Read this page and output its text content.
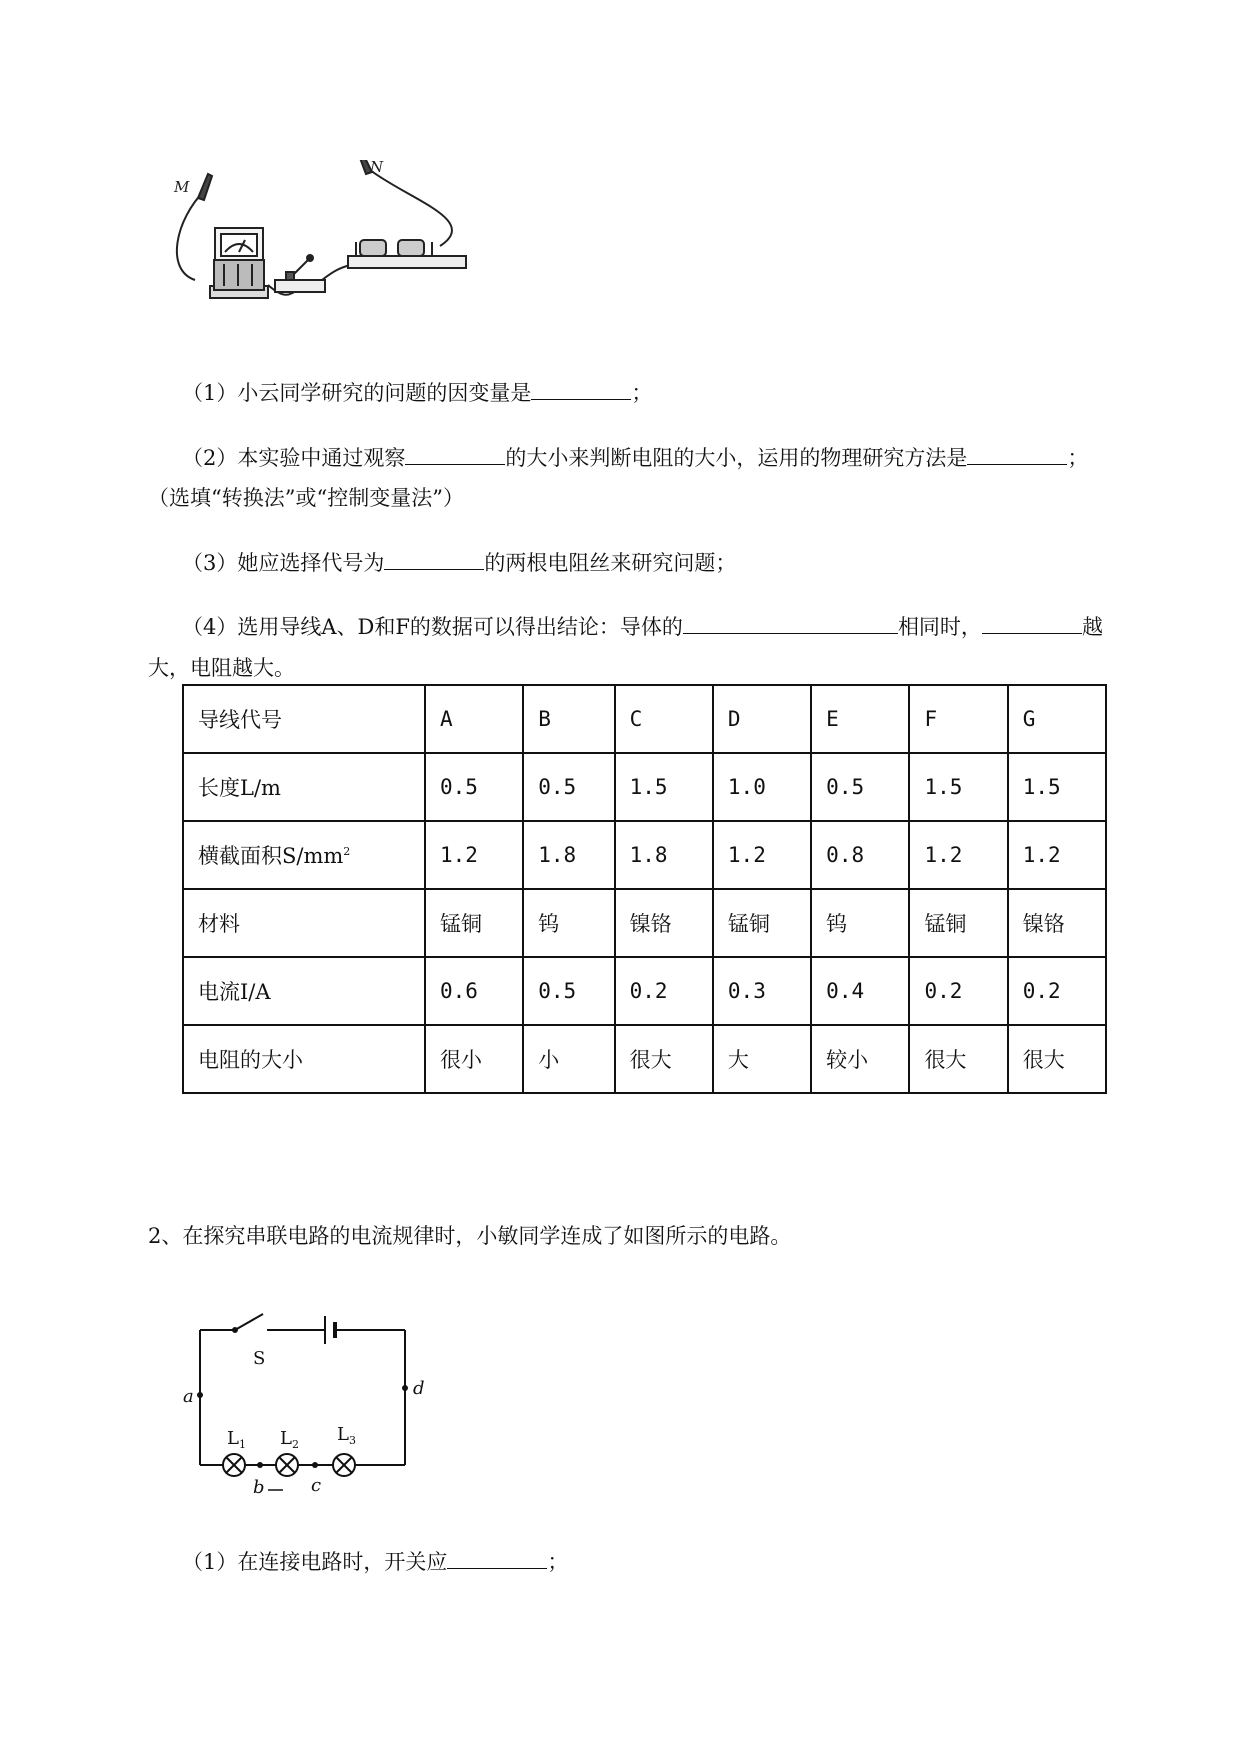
M
N
（1）小云同学研究的问题的因变量是	；
（2）本实验中通过观察	的大小来判断电阻的大小，运用的物理研究方法是	；
（选填“转换法”或“控制变量法”）
（3）她应选择代号为	的两根电阻丝来研究问题；
（4）选用导线A、D和F的数据可以得出结论：导体的	相同时，	越
大，电阻越大。
导线代号	A	B	C	D	E	F	G
长度L/m	0.5	0.5	1.5	1.0	0.5	1.5	1.5
横截面积$S/mm^2$	1.2	1.8	1.8	1.2	0.8	1.2	1.2
材料	锰铜	钨	镍铬	锰铜	钨	锰铜	镍铬
电流I/A	0.6	0.5	0.2	0.3	0.4	0.2	0.2
电阻的大小	很小	小	很大	大	较小	很大	很大
2、在探究串联电路的电流规律时，小敏同学连成了如图所示的电路。
a	d
b	c
S
$L_1$ $L_2$ $L_3$
（1）在连接电路时，开关应	；
